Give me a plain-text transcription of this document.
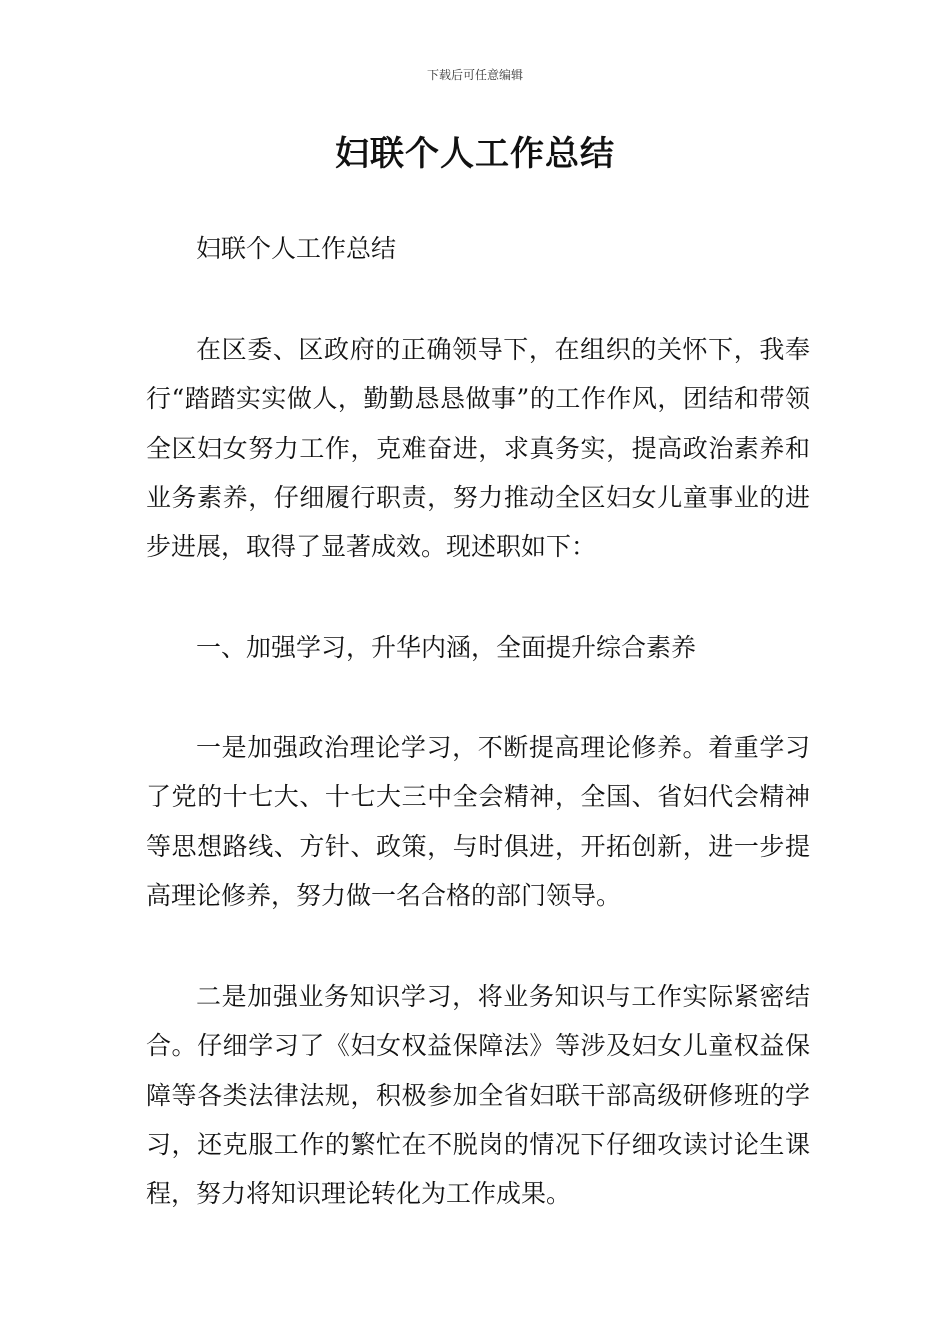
下载后可任意编辑
妇联个人工作总结

妇联个人工作总结

在区委、区政府的正确领导下，在组织的关怀下，我奉行“踏踏实实做人，勤勤恳恳做事”的工作作风，团结和带领全区妇女努力工作，克难奋进，求真务实，提高政治素养和业务素养，仔细履行职责，努力推动全区妇女儿童事业的进步进展，取得了显著成效。现述职如下：

一、加强学习，升华内涵，全面提升综合素养

一是加强政治理论学习，不断提高理论修养。着重学习了党的十七大、十七大三中全会精神，全国、省妇代会精神等思想路线、方针、政策，与时俱进，开拓创新，进一步提高理论修养，努力做一名合格的部门领导。

二是加强业务知识学习，将业务知识与工作实际紧密结合。仔细学习了《妇女权益保障法》等涉及妇女儿童权益保障等各类法律法规，积极参加全省妇联干部高级研修班的学习，还克服工作的繁忙在不脱岗的情况下仔细攻读讨论生课程，努力将知识理论转化为工作成果。
